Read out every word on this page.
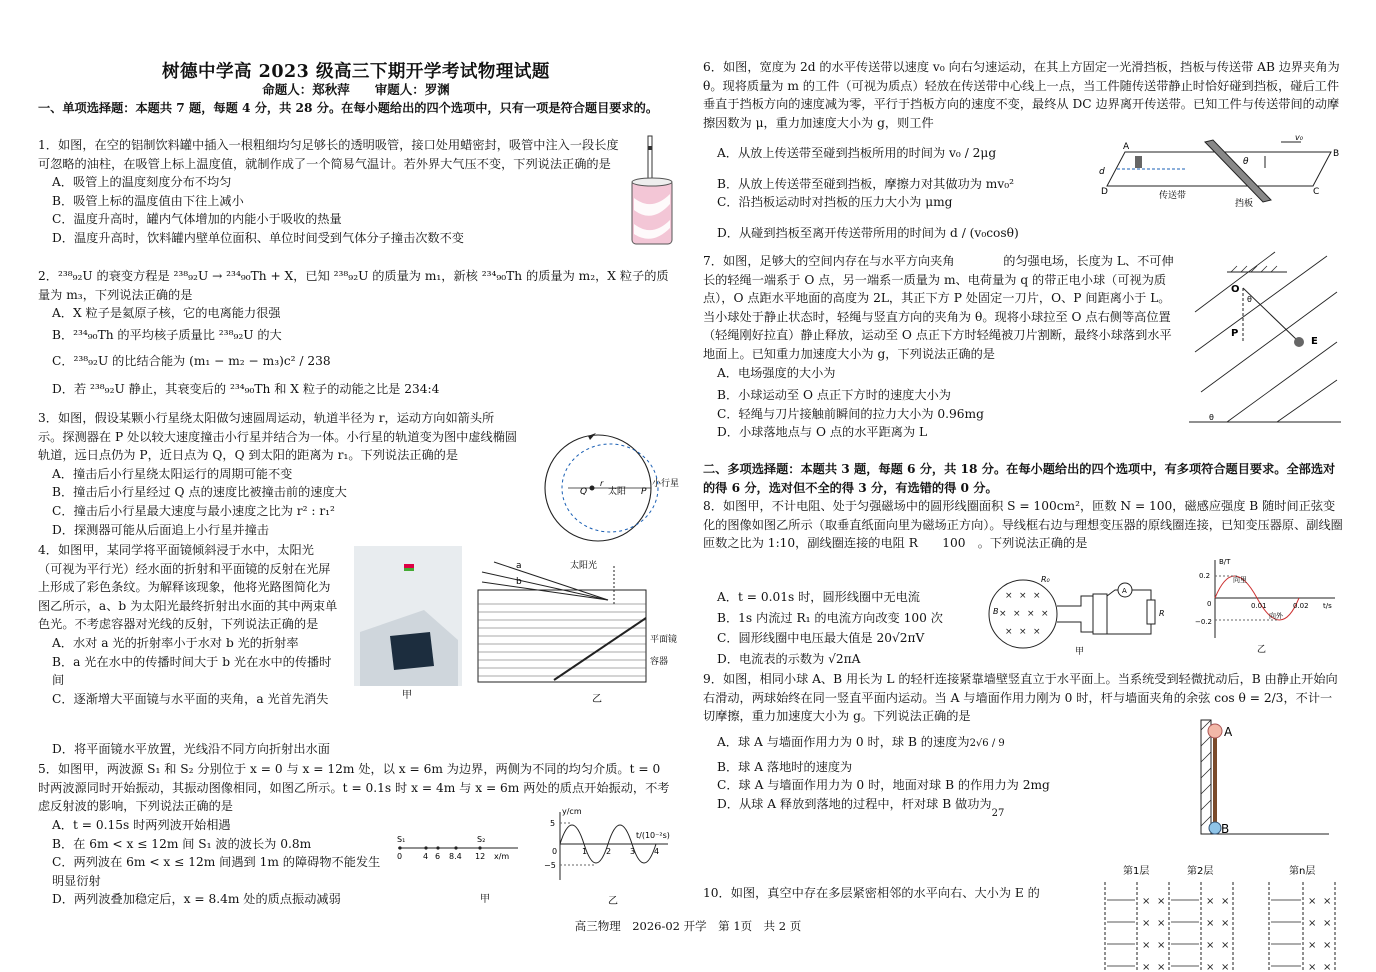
树德中学高 2023 级高三下期开学考试物理试题
命题人：郑秋萍　　审题人：罗渊
一、单项选择题：本题共 7 题，每题 4 分，共 28 分。在每小题给出的四个选项中，只有一项是符合题目要求的。

1．如图，在空的铝制饮料罐中插入一根粗细均匀足够长的透明吸管，接口处用蜡密封，吸管中注入一段长度可忽略的油柱，在吸管上标上温度值，就制作成了一个简易气温计。若外界大气压不变，下列说法正确的是

A．吸管上的温度刻度分布不均匀

B．吸管上标的温度值由下往上减小

C．温度升高时，罐内气体增加的内能小于吸收的热量

D．温度升高时，饮料罐内壁单位面积、单位时间受到气体分子撞击次数不变

2．²³⁸₉₂U 的衰变方程是 ²³⁸₉₂U → ²³⁴₉₀Th + X，已知 ²³⁸₉₂U 的质量为 m₁，新核 ²³⁴₉₀Th 的质量为 m₂，X 粒子的质量为 m₃，下列说法正确的是

A．X 粒子是氦原子核，它的电离能力很强

B．²³⁴₉₀Th 的平均核子质量比 ²³⁸₉₂U 的大

C．²³⁸₉₂U 的比结合能为 (m₁ − m₂ − m₃)c² / 238

D．若 ²³⁸₉₂U 静止，其衰变后的 ²³⁴₉₀Th 和 X 粒子的动能之比是 234:4

3．如图，假设某颗小行星绕太阳做匀速圆周运动，轨道半径为 r，运动方向如箭头所示。探测器在 P 处以较大速度撞击小行星并结合为一体。小行星的轨道变为图中虚线椭圆轨道，远日点仍为 P，近日点为 Q，Q 到太阳的距离为 r₁。下列说法正确的是

A．撞击后小行星绕太阳运行的周期可能不变

B．撞击后小行星经过 Q 点的速度比被撞击前的速度大

C．撞击后小行星最大速度与最小速度之比为 r² : r₁²

D．探测器可能从后面追上小行星并撞击

Q 太阳 P
小行星
r

4．如图甲，某同学将平面镜倾斜浸于水中，太阳光（可视为平行光）经水面的折射和平面镜的反射在光屏上形成了彩色条纹。为解释该现象，他将光路图简化为图乙所示，a、b 为太阳光最终折射出水面的其中两束单色光。不考虑容器对光线的反射，下列说法正确的是

A．水对 a 光的折射率小于水对 b 光的折射率

B．a 光在水中的传播时间大于 b 光在水中的传播时间

C．逐渐增大平面镜与水平面的夹角，a 光首先消失

D．将平面镜水平放置，光线沿不同方向折射出水面

甲
a
b
太阳光
平面镜
容器
乙

5．如图甲，两波源 S₁ 和 S₂ 分别位于 x = 0 与 x = 12m 处，以 x = 6m 为边界，两侧为不同的均匀介质。t = 0 时两波源同时开始振动，其振动图像相同，如图乙所示。t = 0.1s 时 x = 4m 与 x = 6m 两处的质点开始振动，不考虑反射波的影响，下列说法正确的是

A．t = 0.15s 时两列波开始相遇

B．在 6m < x ≤ 12m 间 S₁ 波的波长为 0.8m

C．两列波在 6m < x ≤ 12m 间遇到 1m 的障碍物不能发生明显衍射

D．两列波叠加稳定后，x = 8.4m 处的质点振动减弱

S₁	S₂
0	4 6 8.4 12 x/m
甲
y/cm
5
−5
0	1 2 3 4
t/(10⁻²s)
乙

6．如图，宽度为 2d 的水平传送带以速度 v₀ 向右匀速运动，在其上方固定一光滑挡板，挡板与传送带 AB 边界夹角为 θ。现将质量为 m 的工件（可视为质点）轻放在传送带中心线上一点，当工件随传送带静止时恰好碰到挡板，碰后工件垂直于挡板方向的速度减为零，平行于挡板方向的速度不变，最终从 DC 边界离开传送带。已知工件与传送带间的动摩擦因数为 μ，重力加速度大小为 g，则工件

A．从放上传送带至碰到挡板所用的时间为 v₀ / 2μg

B．从放上传送带至碰到挡板，摩擦力对其做功为 mv₀²

C．沿挡板运动时对挡板的压力大小为 μmg

D．从碰到挡板至离开传送带所用的时间为 d / (v₀cosθ)

A
B
C
D
d
θ
v₀
传送带
挡板

7．如图，足够大的空间内存在与水平方向夹角　　　　的匀强电场，长度为 L、不可伸长的轻绳一端系于 O 点，另一端系一质量为 m、电荷量为 q 的带正电小球（可视为质点），O 点距水平地面的高度为 2L，其正下方 P 处固定一刀片，O、P 间距离小于 L。当小球处于静止状态时，轻绳与竖直方向的夹角为 θ。现将小球拉至 O 点右侧等高位置（轻绳刚好拉直）静止释放，运动至 O 点正下方时轻绳被刀片割断，最终小球落到水平地面上。已知重力加速度大小为 g，下列说法正确的是

A．电场强度的大小为

B．小球运动至 O 点正下方时的速度大小为

C．轻绳与刀片接触前瞬间的拉力大小为 0.96mg

D．小球落地点与 O 点的水平距离为 L

O
θ
P
E
θ
二、多项选择题：本题共 3 题，每题 6 分，共 18 分。在每小题给出的四个选项中，有多项符合题目要求。全部选对的得 6 分，选对但不全的得 3 分，有选错的得 0 分。

8．如图甲，不计电阻、处于匀强磁场中的圆形线圈面积 S = 100cm²，匝数 N = 100，磁感应强度 B 随时间正弦变化的图像如图乙所示（取垂直纸面向里为磁场正方向）。导线框右边与理想变压器的原线圈连接，已知变压器原、副线圈匝数之比为 1:10，副线圈连接的电阻 R　　100　。下列说法正确的是

A．t = 0.01s 时，圆形线圈中无电流

B．1s 内流过 R₁ 的电流方向改变 100 次

C．圆形线圈中电压最大值是 20√2πV

D．电流表的示数为 √2πA

× × ×
× × × ×
× × ×
R₀
B
A
R
甲
B/T
0.2
−0.2
0	0.01	0.02 t/s
向里
向外
乙

9．如图，相同小球 A、B 用长为 L 的轻杆连接紧靠墙壁竖直立于水平面上。当系统受到轻微扰动后，B 由静止开始向右滑动，两球始终在同一竖直平面内运动。当 A 与墙面作用力刚为 0 时，杆与墙面夹角的余弦 cos θ = 2/3，不计一切摩擦，重力加速度大小为 g。下列说法正确的是

A．球 A 与墙面作用力为 0 时，球 B 的速度为2√6 / 9

B．球 A 落地时的速度为

C．球 A 与墙面作用力为 0 时，地面对球 B 的作用力为 2mg

D．从球 A 释放到落地的过程中，杆对球 B 做功为$_{27}$

A
B

10．如图，真空中存在多层紧密相邻的水平向右、大小为 E 的

× ×	× ×	× ×
× ×	× ×	× ×
× ×	× ×	× ×
× ×	× ×	× ×
第1层	第2层	第n层
高三物理　2026-02 开学　第 1页　共 2 页
